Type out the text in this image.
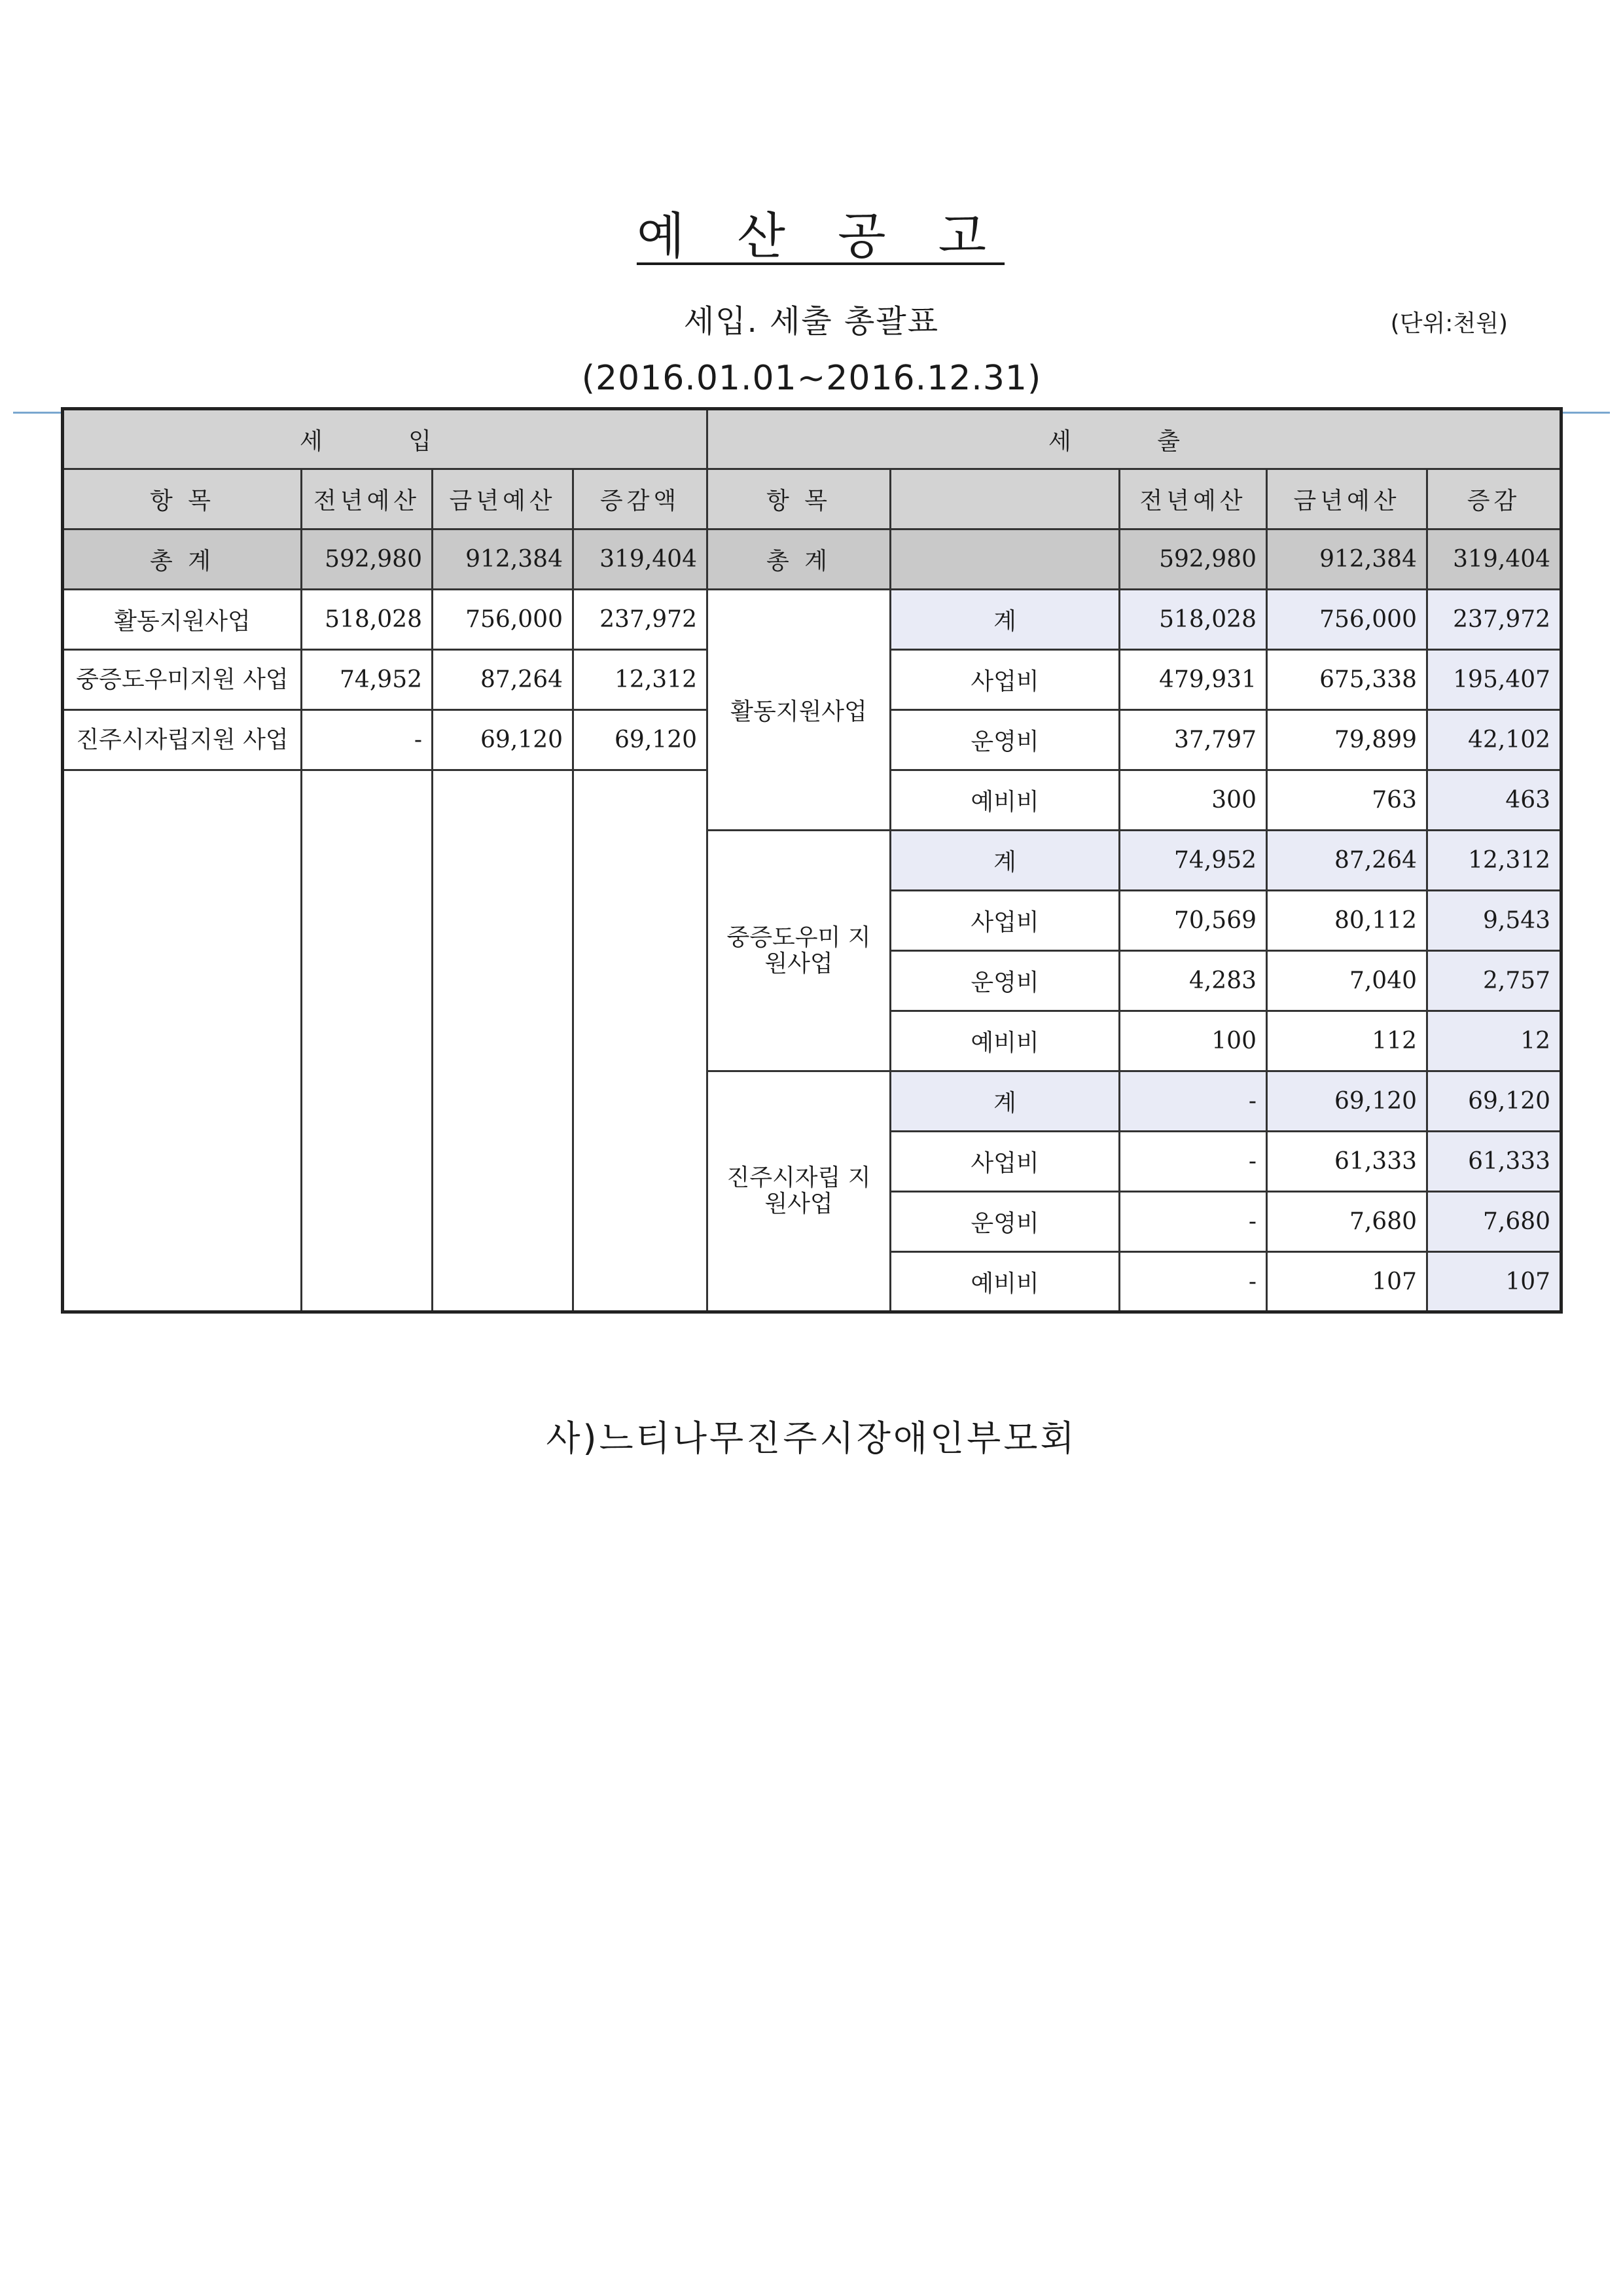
예 산 공 고
세입. 세출 총괄표	(단위:천원)
(2016.01.01~2016.12.31)
세 입				세 출				
항 목	전년예산	금년예산	증감액	항 목		전년예산	금년예산	증감
총 계	592,980	912,384	319,404	총 계		592,980	912,384	319,404
활동지원사업	518,028	756,000	237,972	활동지원사업	계	518,028	756,000	237,972
중증도우미지원 사업	74,952	87,264	12,312		사업비	479,931	675,338	195,407
진주시자립지원 사업	-	69,120	69,120		운영비	37,797	79,899	42,102
					예비비	300	763	463
				중증도우미 지원사업	계	74,952	87,264	12,312
					사업비	70,569	80,112	9,543
					운영비	4,283	7,040	2,757
					예비비	100	112	12
				진주시자립 지원사업	계	-	69,120	69,120
					사업비	-	61,333	61,333
					운영비	-	7,680	7,680
					예비비	-	107	107
사)느티나무진주시장애인부모회
